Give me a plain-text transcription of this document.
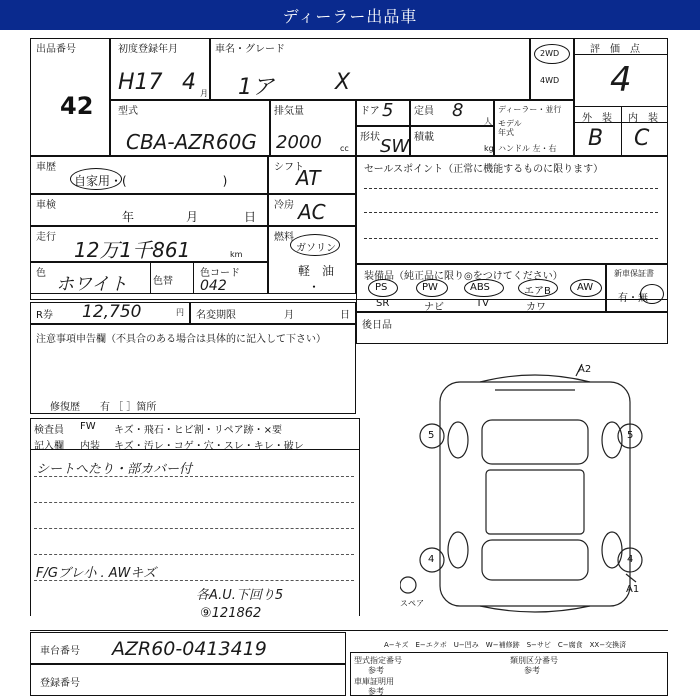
ディーラー出品車
出品番号
42
初度登録年月
H17 4 月
車名・グレード
1ア	X
2WD
4WD
評　価　点
4
外　装 内　装
B C
型式
CBA-AZR60G
排気量
2000 cc
ドア 5 定員 8
人
ディーラー・並行
モデル
年式
ハンドル 左・右
形状 SW 積載
kg
車歴
自家用・(　　　　　　　　)
シフト
AT	セールスポイント（正常に機能するものに限ります）
車検
年	月	日
冷房 AC
走行
12万1千861	km
燃料
ガソリン
軽　油
・
色
ホワイト	色替
色コード
042
装備品（純正品に限り◎をつけてください）
PS	PW	ABS	エアB	AW
SR	ナビ	TV	カワ
新車保証書
有・無
R券 12,750	円 名変期限	月	日
後日品
注意事項申告欄（不具合のある場合は具体的に記入して下さい）
修復歴　　有 ［ ］箇所
検査員
記入欄
FW
内装
キズ・飛石・ヒビ割・リペア跡・×要
キズ・汚レ・コゲ・穴・スレ・キレ・破レ
シートへたり・部カバー付
F/Gブレ小 . AWキズ
各A.U.下回り5
⑨121862
A2
A1
5	5
4	4
スペア
車台番号 AZR60-0413419
登録番号
A−キズ　E−エクボ　U−凹み　W−補修跡　S−サビ　C−腐食　XX−交換済
型式指定番号
参考
類別区分番号
参考
車庫証明用
参考
